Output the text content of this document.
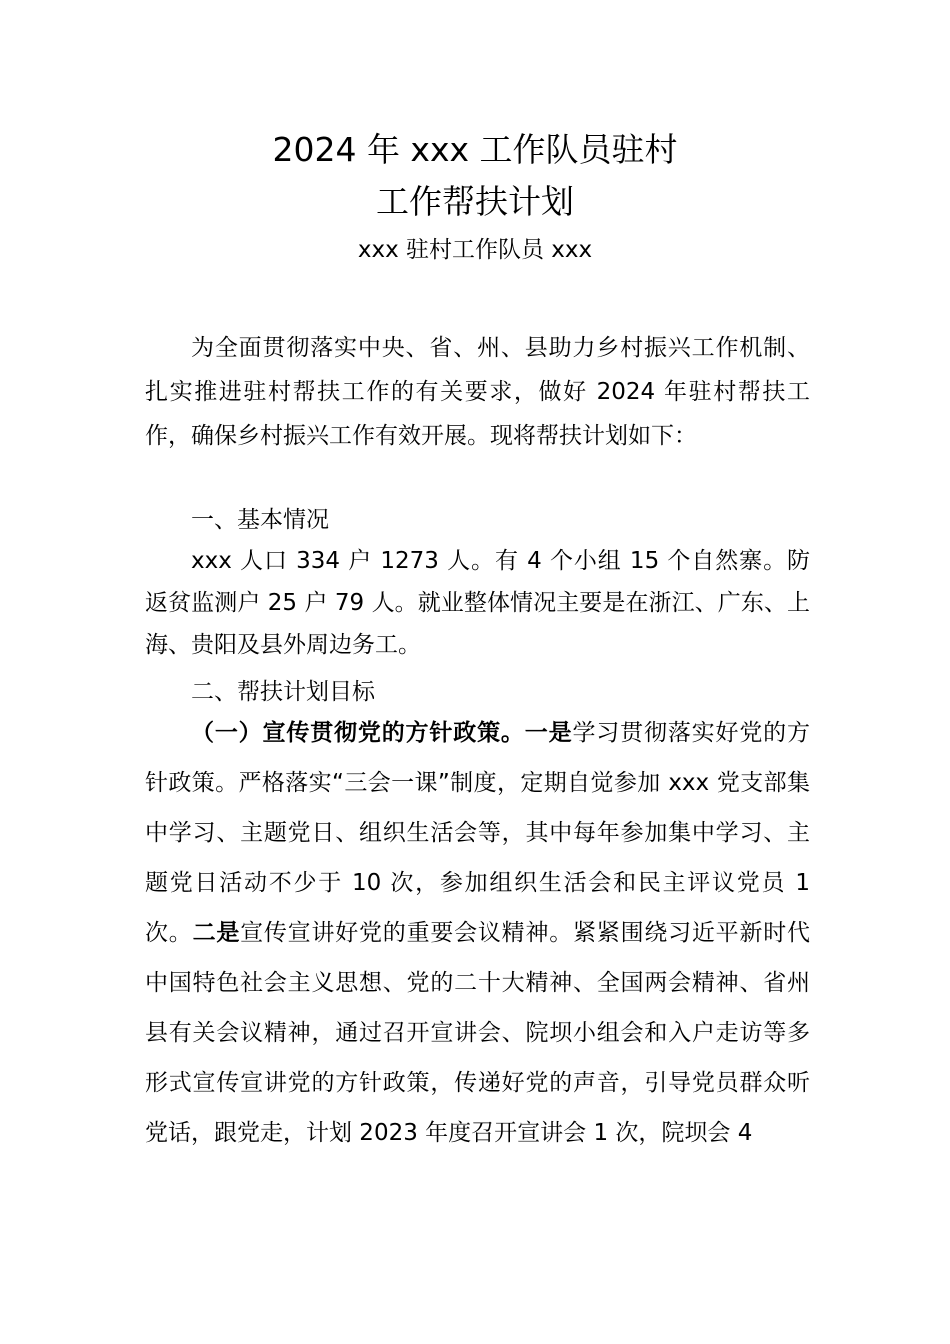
2024 年 xxx 工作队员驻村
工作帮扶计划

xxx 驻村工作队员 xxx

为全面贯彻落实中央、省、州、县助力乡村振兴工作机制、扎实推进驻村帮扶工作的有关要求，做好 2024 年驻村帮扶工作，确保乡村振兴工作有效开展。现将帮扶计划如下：

一、基本情况

xxx 人口 334 户 1273 人。有 4 个小组 15 个自然寨。防返贫监测户 25 户 79 人。就业整体情况主要是在浙江、广东、上海、贵阳及县外周边务工。

二、帮扶计划目标

（一）宣传贯彻党的方针政策。一是学习贯彻落实好党的方针政策。严格落实“三会一课”制度，定期自觉参加 xxx 党支部集中学习、主题党日、组织生活会等，其中每年参加集中学习、主题党日活动不少于 10 次，参加组织生活会和民主评议党员 1 次。二是宣传宣讲好党的重要会议精神。紧紧围绕习近平新时代中国特色社会主义思想、党的二十大精神、全国两会精神、省州县有关会议精神，通过召开宣讲会、院坝小组会和入户走访等多形式宣传宣讲党的方针政策，传递好党的声音，引导党员群众听党话，跟党走，计划 2023 年度召开宣讲会 1 次，院坝会 4
